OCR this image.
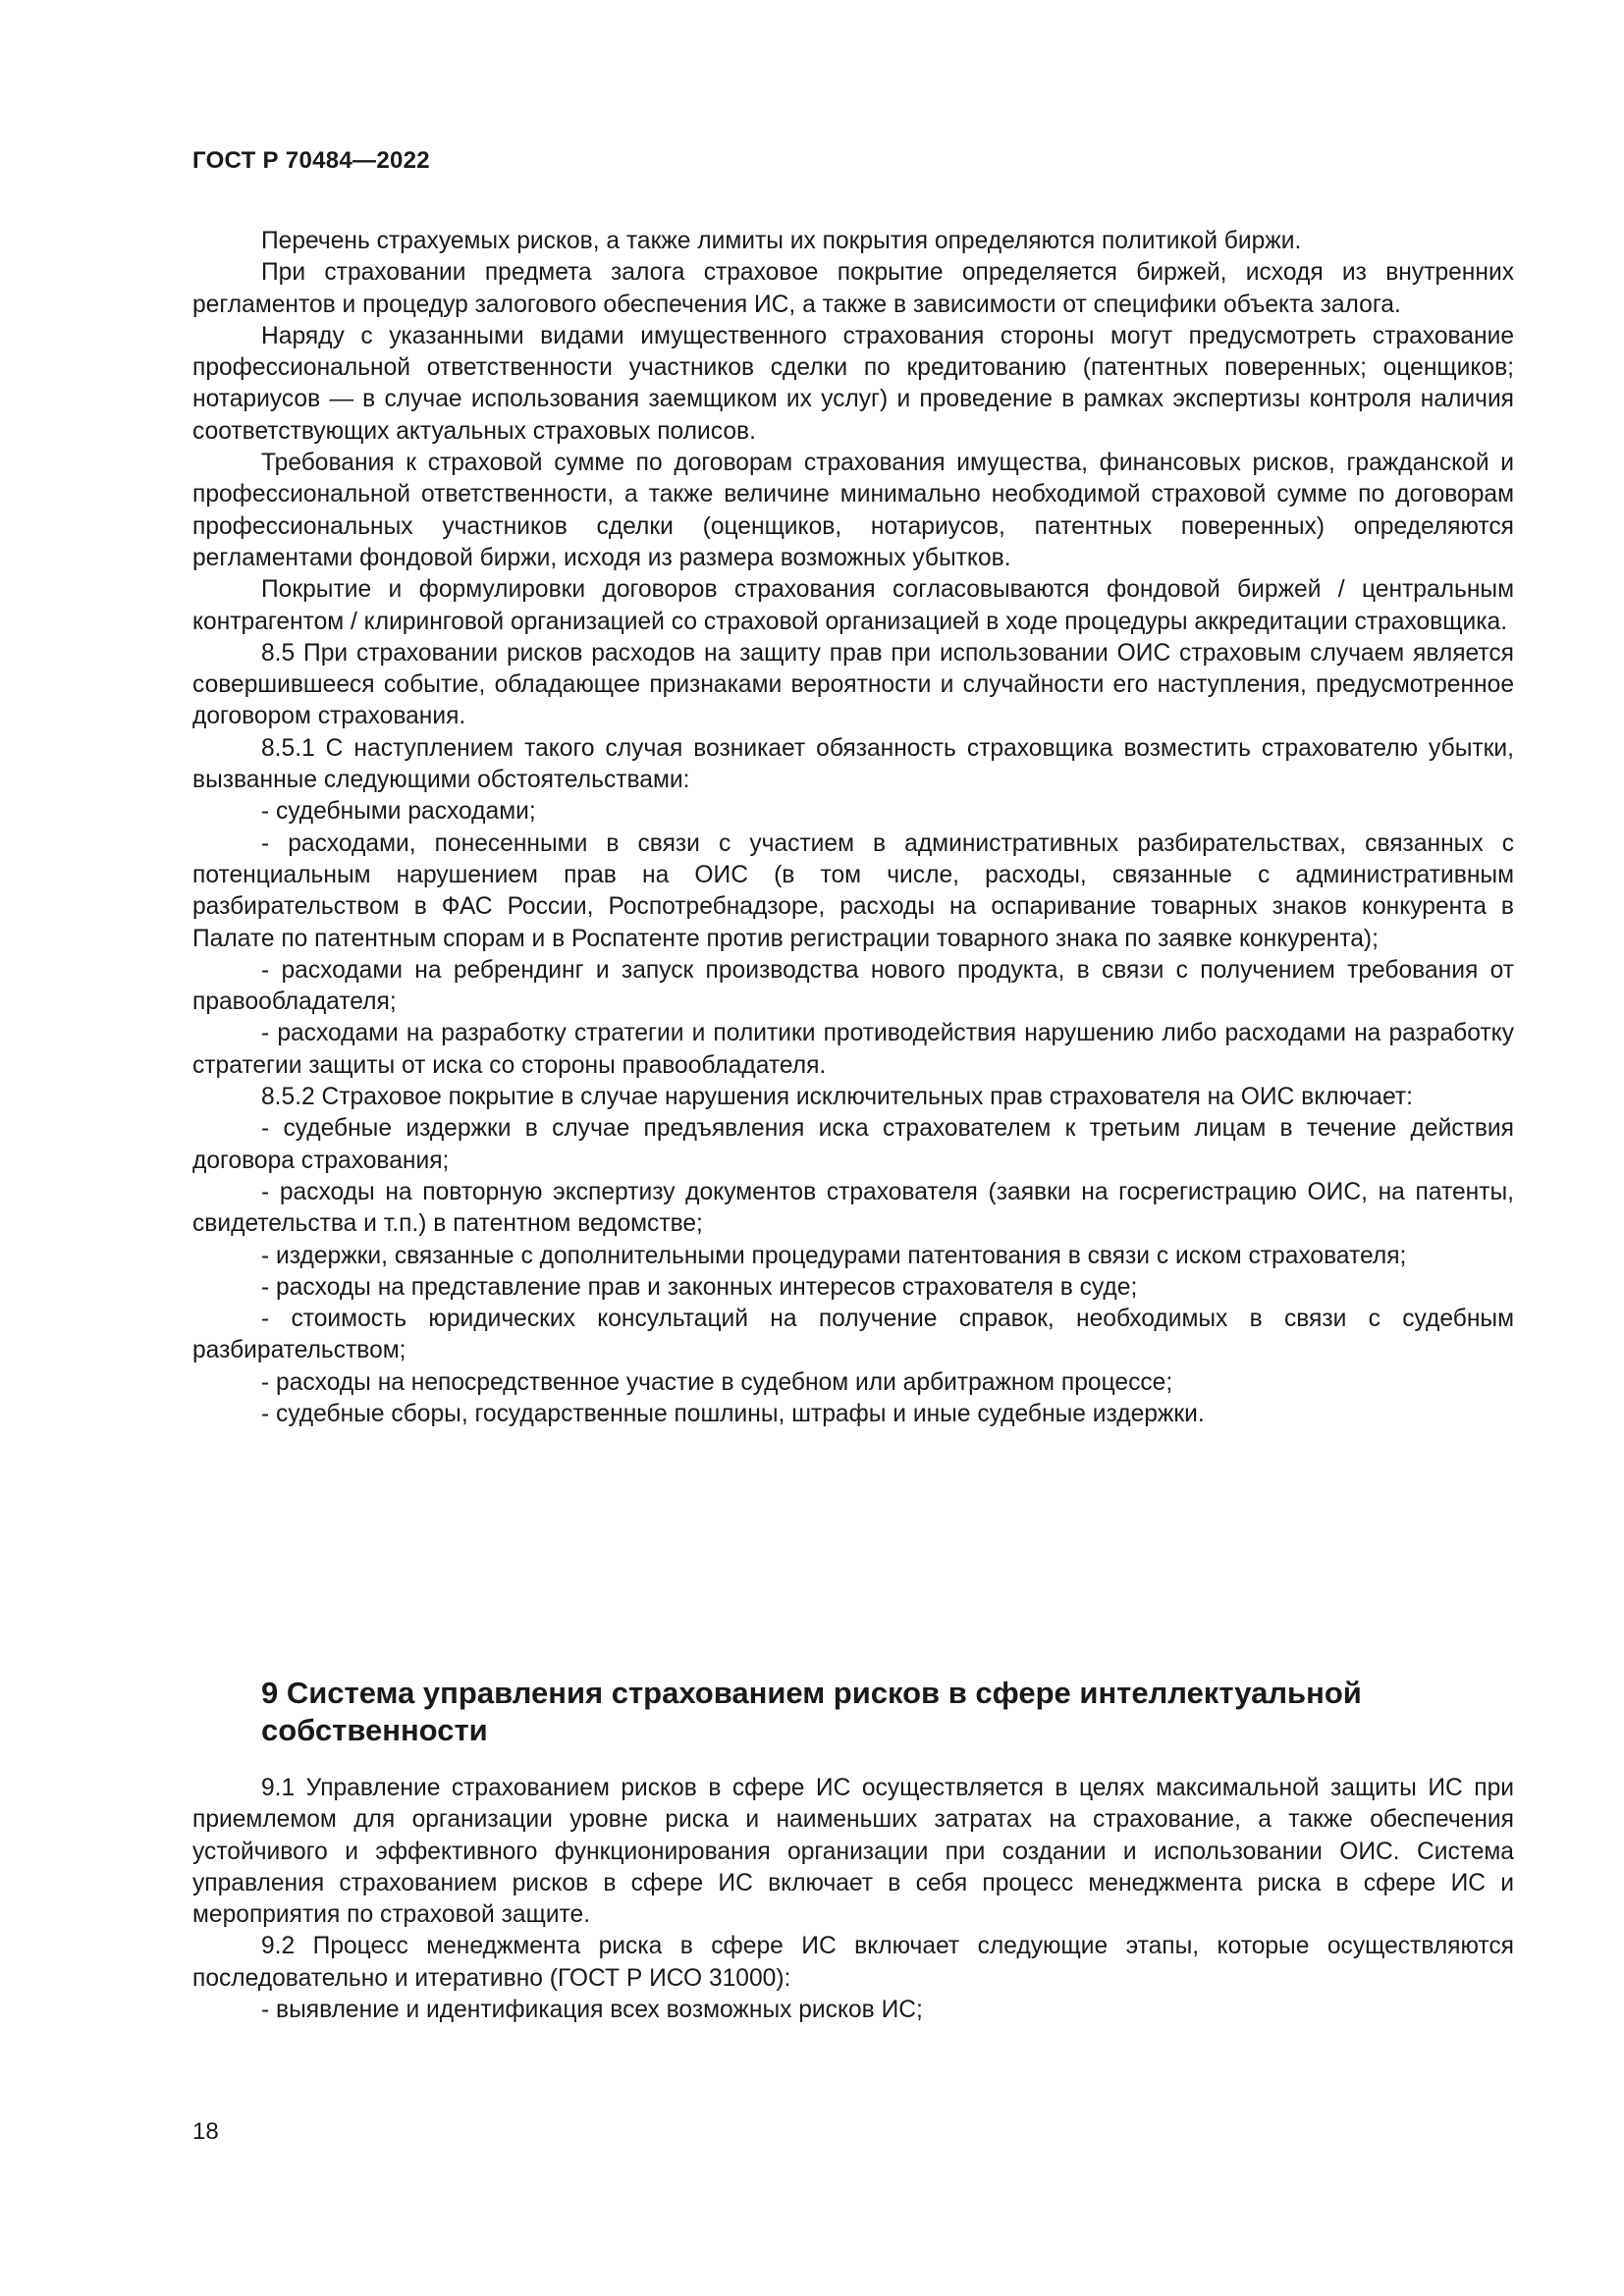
ГОСТ Р 70484—2022

Перечень страхуемых рисков, а также лимиты их покрытия определяются политикой биржи.

При страховании предмета залога страховое покрытие определяется биржей, исходя из внутренних регламентов и процедур залогового обеспечения ИС, а также в зависимости от специфики объекта залога.

Наряду с указанными видами имущественного страхования стороны могут предусмотреть страхование профессиональной ответственности участников сделки по кредитованию (патентных поверенных; оценщиков; нотариусов — в случае использования заемщиком их услуг) и проведение в рамках экспертизы контроля наличия соответствующих актуальных страховых полисов.

Требования к страховой сумме по договорам страхования имущества, финансовых рисков, гражданской и профессиональной ответственности, а также величине минимально необходимой страховой сумме по договорам профессиональных участников сделки (оценщиков, нотариусов, патентных поверенных) определяются регламентами фондовой биржи, исходя из размера возможных убытков.

Покрытие и формулировки договоров страхования согласовываются фондовой биржей / центральным контрагентом / клиринговой организацией со страховой организацией в ходе процедуры аккредитации страховщика.

8.5 При страховании рисков расходов на защиту прав при использовании ОИС страховым случаем является совершившееся событие, обладающее признаками вероятности и случайности его наступления, предусмотренное договором страхования.

8.5.1 С наступлением такого случая возникает обязанность страховщика возместить страхователю убытки, вызванные следующими обстоятельствами:

- судебными расходами;

- расходами, понесенными в связи с участием в административных разбирательствах, связанных с потенциальным нарушением прав на ОИС (в том числе, расходы, связанные с административным разбирательством в ФАС России, Роспотребнадзоре, расходы на оспаривание товарных знаков конкурента в Палате по патентным спорам и в Роспатенте против регистрации товарного знака по заявке конкурента);

- расходами на ребрендинг и запуск производства нового продукта, в связи с получением требования от правообладателя;

- расходами на разработку стратегии и политики противодействия нарушению либо расходами на разработку стратегии защиты от иска со стороны правообладателя.

8.5.2 Страховое покрытие в случае нарушения исключительных прав страхователя на ОИС включает:

- судебные издержки в случае предъявления иска страхователем к третьим лицам в течение действия договора страхования;

- расходы на повторную экспертизу документов страхователя (заявки на госрегистрацию ОИС, на патенты, свидетельства и т.п.) в патентном ведомстве;

- издержки, связанные с дополнительными процедурами патентования в связи с иском страхователя;

- расходы на представление прав и законных интересов страхователя в суде;

- стоимость юридических консультаций на получение справок, необходимых в связи с судебным разбирательством;

- расходы на непосредственное участие в судебном или арбитражном процессе;

- судебные сборы, государственные пошлины, штрафы и иные судебные издержки.

9 Система управления страхованием рисков в сфере интеллектуальной собственности

9.1 Управление страхованием рисков в сфере ИС осуществляется в целях максимальной защиты ИС при приемлемом для организации уровне риска и наименьших затратах на страхование, а также обеспечения устойчивого и эффективного функционирования организации при создании и использовании ОИС. Система управления страхованием рисков в сфере ИС включает в себя процесс менеджмента риска в сфере ИС и мероприятия по страховой защите.

9.2 Процесс менеджмента риска в сфере ИС включает следующие этапы, которые осуществляются последовательно и итеративно (ГОСТ Р ИСО 31000):

- выявление и идентификация всех возможных рисков ИС;

18
